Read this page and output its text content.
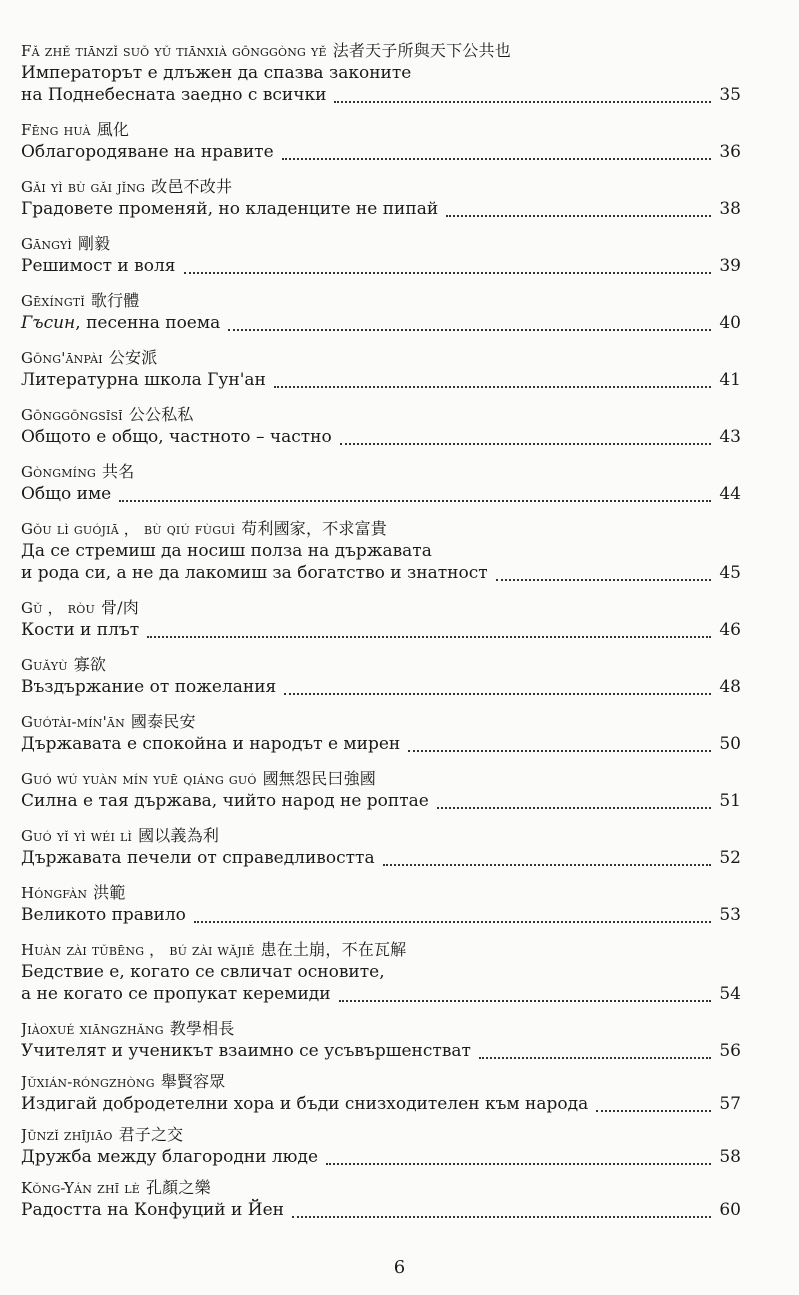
Fǎ zhě tiānzǐ suǒ yǔ tiānxià gōnggòng yě 法者天子所與天下公共也
Императорът е длъжен да спазва законите
на Поднебесната заедно с всички	35
Fēng huà 風化
Облагородяване на нравите	36
Gǎi yì bù gǎi jǐng 改邑不改井
Градовете променяй, но кладенците не пипай	38
Gāngyì 剛毅
Решимост и воля	39
Gēxíngtǐ 歌行體
Гъсин, песенна поема	40
Gōng'ānpài 公安派
Литературна школа Гун'ан	41
Gōnggōngsīsī 公公私私
Общото е общо, частното – частно	43
Gòngmíng 共名
Общо име	44
Gǒu lì guójiā ， bù qiú fùguì 苟利國家，不求富貴
Да се стремиш да носиш полза на държавата
и рода си, а не да лакомиш за богатство и знатност	45
Gǔ ， ròu 骨/肉
Кости и плът	46
Guǎyù 寡欲
Въздържание от пожелания	48
Guótài-mín'ān 國泰民安
Държавата е спокойна и народът е мирен	50
Guó wú yuàn mín yuē qiáng guó 國無怨民曰強國
Силна е тая държава, чийто народ не роптае	51
Guó yǐ yì wéi lì 國以義為利
Държавата печели от справедливостта	52
Hóngfàn 洪範
Великото правило	53
Huàn zài tǔbēng ， bú zài wǎjiě 患在土崩，不在瓦解
Бедствие е, когато се свличат основите,
а не когато се пропукат керемиди	54
Jiàoxué xiāngzhǎng 教學相長
Учителят и ученикът взаимно се усъвършенстват	56
Jǔxián-róngzhòng 舉賢容眾
Издигай добродетелни хора и бъди снизходителен към народа	57
Jūnzǐ zhījiāo 君子之交
Дружба между благородни люде	58
Kǒng-Yán zhī lè 孔顏之樂
Радостта на Конфуций и Йен	60
6
